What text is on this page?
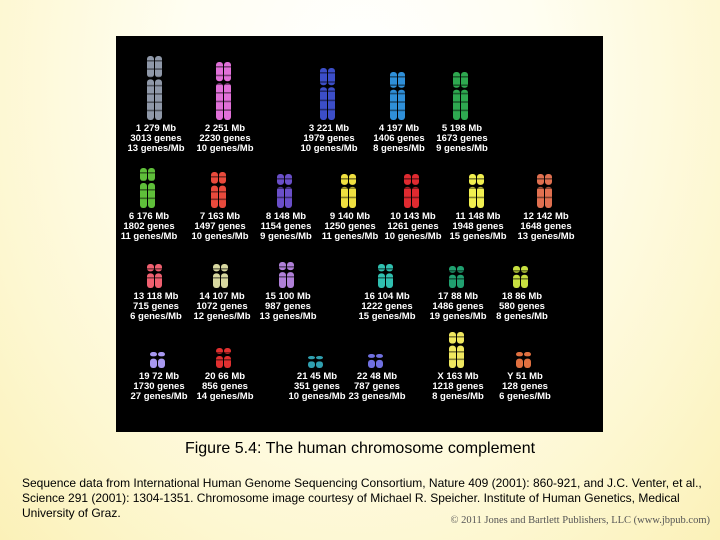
1 279 Mb
3013 genes
13 genes/Mb
2 251 Mb
2230 genes
10 genes/Mb
3 221 Mb
1979 genes
10 genes/Mb
4 197 Mb
1406 genes
8 genes/Mb
5 198 Mb
1673 genes
9 genes/Mb
6 176 Mb
1802 genes
11 genes/Mb
7 163 Mb
1497 genes
10 genes/Mb
8 148 Mb
1154 genes
9 genes/Mb
9 140 Mb
1250 genes
11 genes/Mb
10 143 Mb
1261 genes
10 genes/Mb
11 148 Mb
1948 genes
15 genes/Mb
12 142 Mb
1648 genes
13 genes/Mb
13 118 Mb
715 genes
6 genes/Mb
14 107 Mb
1072 genes
12 genes/Mb
15 100 Mb
987 genes
13 genes/Mb
16 104 Mb
1222 genes
15 genes/Mb
17 88 Mb
1486 genes
19 genes/Mb
18 86 Mb
580 genes
8 genes/Mb
19 72 Mb
1730 genes
27 genes/Mb
20 66 Mb
856 genes
14 genes/Mb
21 45 Mb
351 genes
10 genes/Mb
22 48 Mb
787 genes
23 genes/Mb
X 163 Mb
1218 genes
8 genes/Mb
Y 51 Mb
128 genes
6 genes/Mb
Figure 5.4: The human chromosome complement
Sequence data from International Human Genome Sequencing Consortium, Nature 409 (2001): 860-921, and J.C. Venter, et al., Science 291 (2001): 1304-1351. Chromosome image courtesy of Michael R. Speicher. Institute of Human Genetics, Medical University of Graz.
© 2011 Jones and Bartlett Publishers, LLC (www.jbpub.com)
